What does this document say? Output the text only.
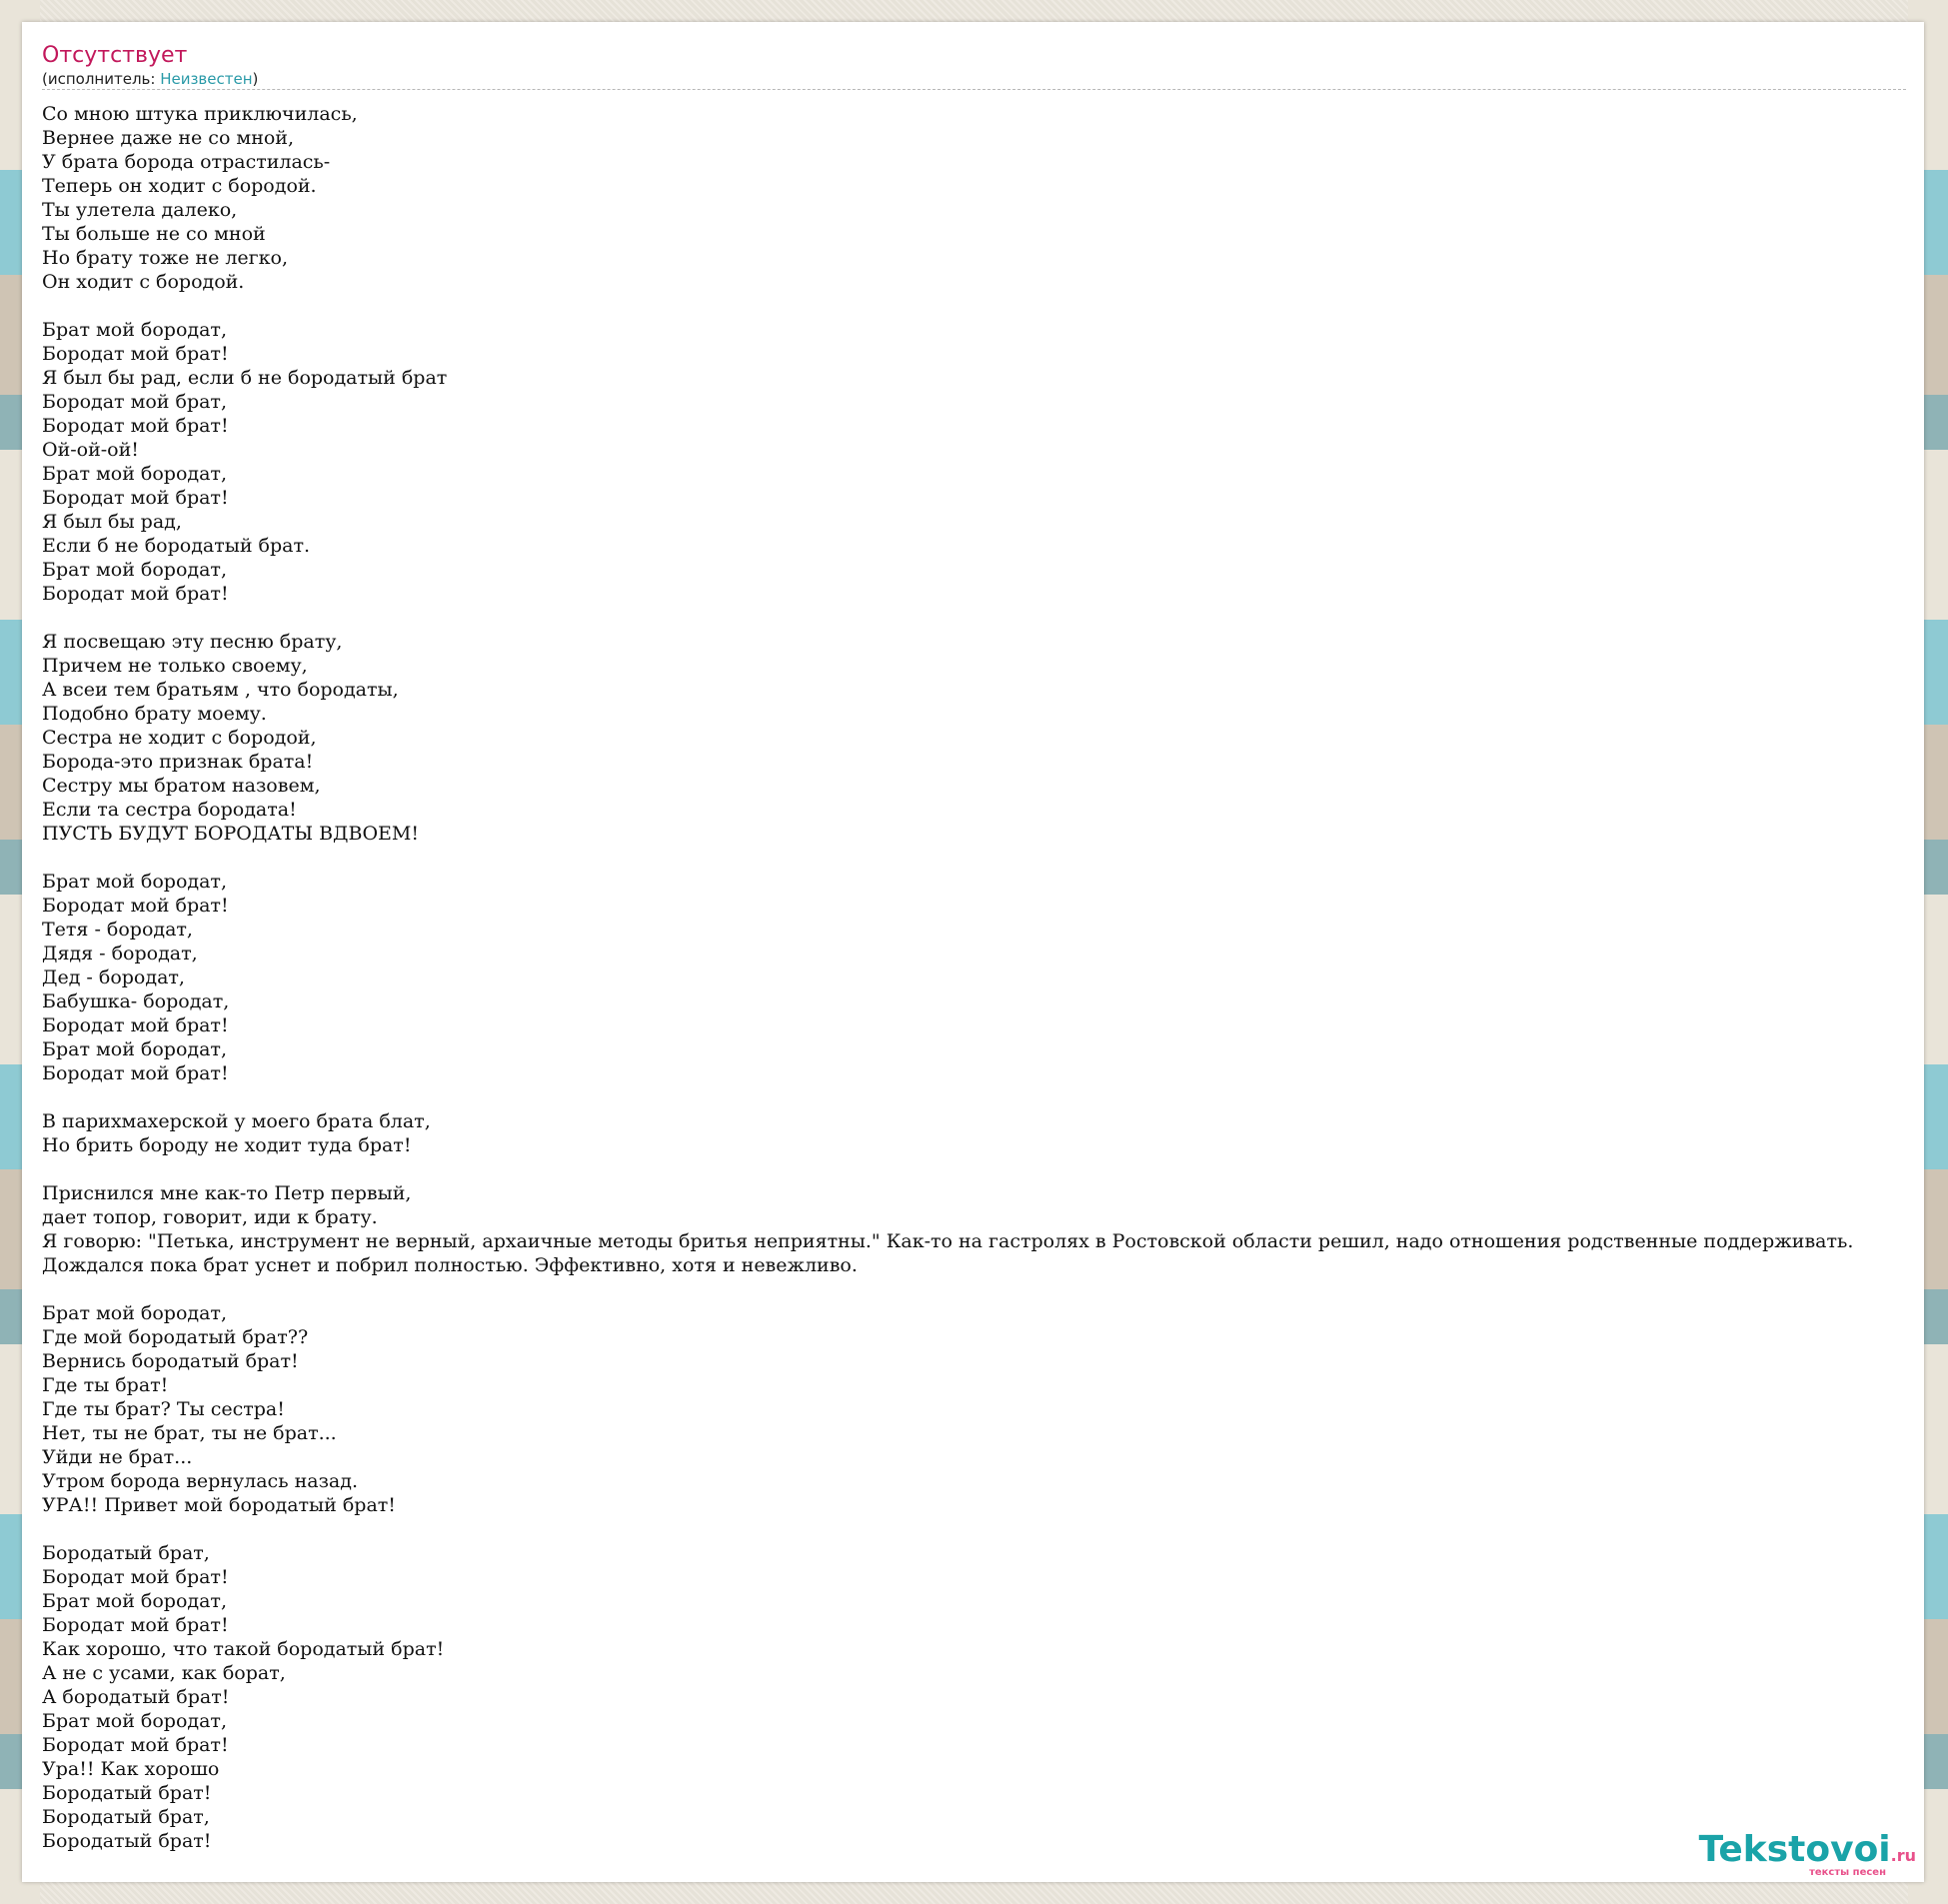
Отсутствует
(исполнитель: Неизвестен)
Со мною штука приключилась,
Вернее даже не со мной,
У брата борода отрастилась-
Теперь он ходит с бородой.
Ты улетела далеко,
Ты больше не со мной
Но брату тоже не легко,
Он ходит с бородой.

Брат мой бородат,
Бородат мой брат!
Я был бы рад, если б не бородатый брат
Бородат мой брат,
Бородат мой брат!
Ой-ой-ой!
Брат мой бородат,
Бородат мой брат!
Я был бы рад,
Если б не бородатый брат.
Брат мой бородат,
Бородат мой брат!

Я посвещаю эту песню брату,
Причем не только своему,
А всеи тем братьям , что бородаты,
Подобно брату моему.
Сестра не ходит с бородой,
Борода-это признак брата!
Сестру мы братом назовем,
Если та сестра бородата!
ПУСТЬ БУДУТ БОРОДАТЫ ВДВОЕМ!

Брат мой бородат,
Бородат мой брат!
Тетя - бородат,
Дядя - бородат,
Дед - бородат,
Бабушка- бородат,
Бородат мой брат!
Брат мой бородат,
Бородат мой брат!

В парихмахерской у моего брата блат,
Но брить бороду не ходит туда брат!

Приснился мне как-то Петр первый,
дает топор, говорит, иди к брату.
Я говорю: "Петька, инструмент не верный, архаичные методы бритья неприятны." Как-то на гастролях в Ростовской области решил, надо отношения родственные поддерживать.
Дождался пока брат уснет и побрил полностью. Эффективно, хотя и невежливо.

Брат мой бородат,
Где мой бородатый брат??
Вернись бородатый брат!
Где ты брат!
Где ты брат? Ты сестра!
Нет, ты не брат, ты не брат...
Уйди не брат...
Утром борода вернулась назад.
УРА!! Привет мой бородатый брат!

Бородатый брат,
Бородат мой брат!
Брат мой бородат,
Бородат мой брат!
Как хорошо, что такой бородатый брат!
А не с усами, как борат,
А бородатый брат!
Брат мой бородат,
Бородат мой брат!
Ура!! Как хорошо
Бородатый брат!
Бородатый брат,
Бородатый брат!	Tekstovoi.ru
тексты песен
